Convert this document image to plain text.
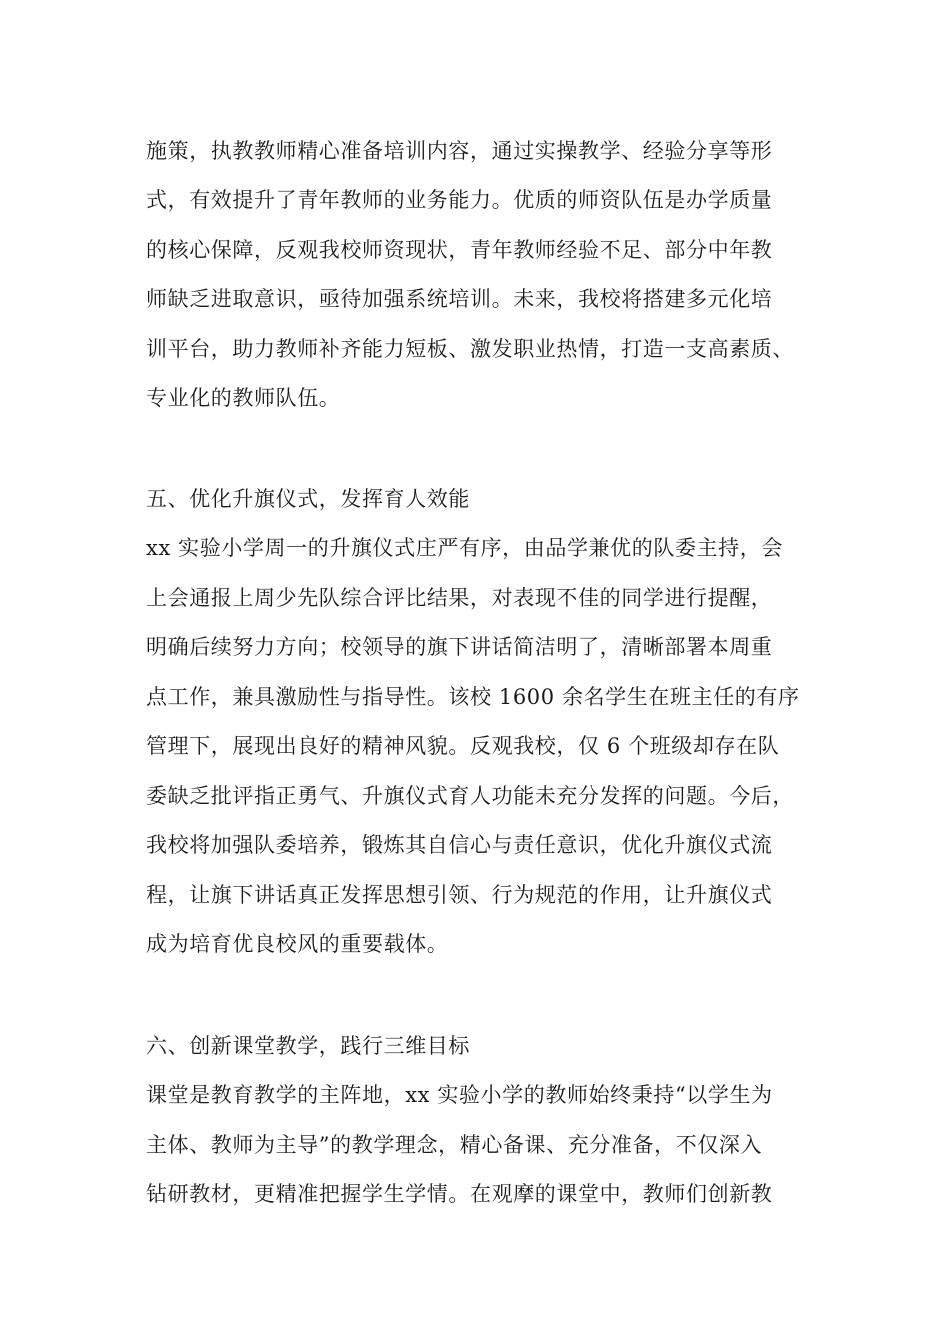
施策，执教教师精心准备培训内容，通过实操教学、经验分享等形
式，有效提升了青年教师的业务能力。优质的师资队伍是办学质量
的核心保障，反观我校师资现状，青年教师经验不足、部分中年教
师缺乏进取意识，亟待加强系统培训。未来，我校将搭建多元化培
训平台，助力教师补齐能力短板、激发职业热情，打造一支高素质、
专业化的教师队伍。
五、优化升旗仪式，发挥育人效能
xx 实验小学周一的升旗仪式庄严有序，由品学兼优的队委主持，会
上会通报上周少先队综合评比结果，对表现不佳的同学进行提醒，
明确后续努力方向；校领导的旗下讲话简洁明了，清晰部署本周重
点工作，兼具激励性与指导性。该校 1600 余名学生在班主任的有序
管理下，展现出良好的精神风貌。反观我校，仅 6 个班级却存在队
委缺乏批评指正勇气、升旗仪式育人功能未充分发挥的问题。今后，
我校将加强队委培养，锻炼其自信心与责任意识，优化升旗仪式流
程，让旗下讲话真正发挥思想引领、行为规范的作用，让升旗仪式
成为培育优良校风的重要载体。
六、创新课堂教学，践行三维目标
课堂是教育教学的主阵地，xx 实验小学的教师始终秉持“以学生为
主体、教师为主导”的教学理念，精心备课、充分准备，不仅深入
钻研教材，更精准把握学生学情。在观摩的课堂中，教师们创新教
